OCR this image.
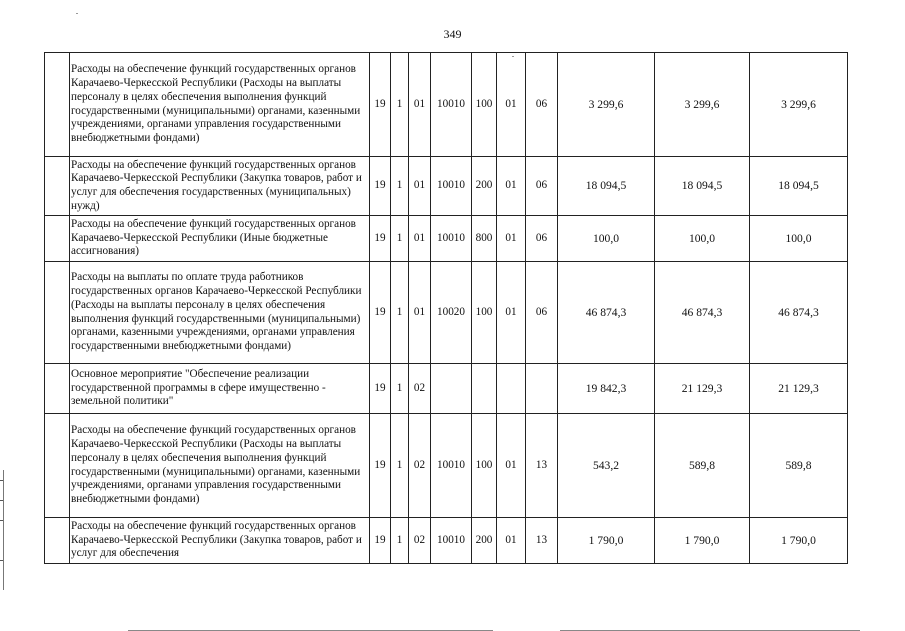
349
	Расходы на обеспечение функций государственных органов Карачаево-Черкесской Республики (Расходы на выплаты персоналу в целях обеспечения выполнения функций государственными (муниципальными) органами, казенными учреждениями, органами управления государственными внебюджетными фондами)	19	1	01	10010	100	01	06	3 299,6	3 299,6	3 299,6
	Расходы на обеспечение функций государственных органов Карачаево-Черкесской Республики (Закупка товаров, работ и услуг для обеспечения государственных (муниципальных) нужд)	19	1	01	10010	200	01	06	18 094,5	18 094,5	18 094,5
	Расходы на обеспечение функций государственных органов Карачаево-Черкесской Республики (Иные бюджетные ассигнования)	19	1	01	10010	800	01	06	100,0	100,0	100,0
	Расходы на выплаты по оплате труда работников государственных органов Карачаево-Черкесской Республики (Расходы на выплаты персоналу в целях обеспечения выполнения функций государственными (муниципальными) органами, казенными учреждениями, органами управления государственными внебюджетными фондами)	19	1	01	10020	100	01	06	46 874,3	46 874,3	46 874,3
	Основное мероприятие "Обеспечение реализации государственной программы в сфере имущественно - земельной политики"	19	1	02					19 842,3	21 129,3	21 129,3
	Расходы на обеспечение функций государственных органов Карачаево-Черкесской Республики (Расходы на выплаты персоналу в целях обеспечения выполнения функций государственными (муниципальными) органами, казенными учреждениями, органами управления государственными внебюджетными фондами)	19	1	02	10010	100	01	13	543,2	589,8	589,8
	Расходы на обеспечение функций государственных органов Карачаево-Черкесской Республики (Закупка товаров, работ и услуг для обеспечения	19	1	02	10010	200	01	13	1 790,0	1 790,0	1 790,0
